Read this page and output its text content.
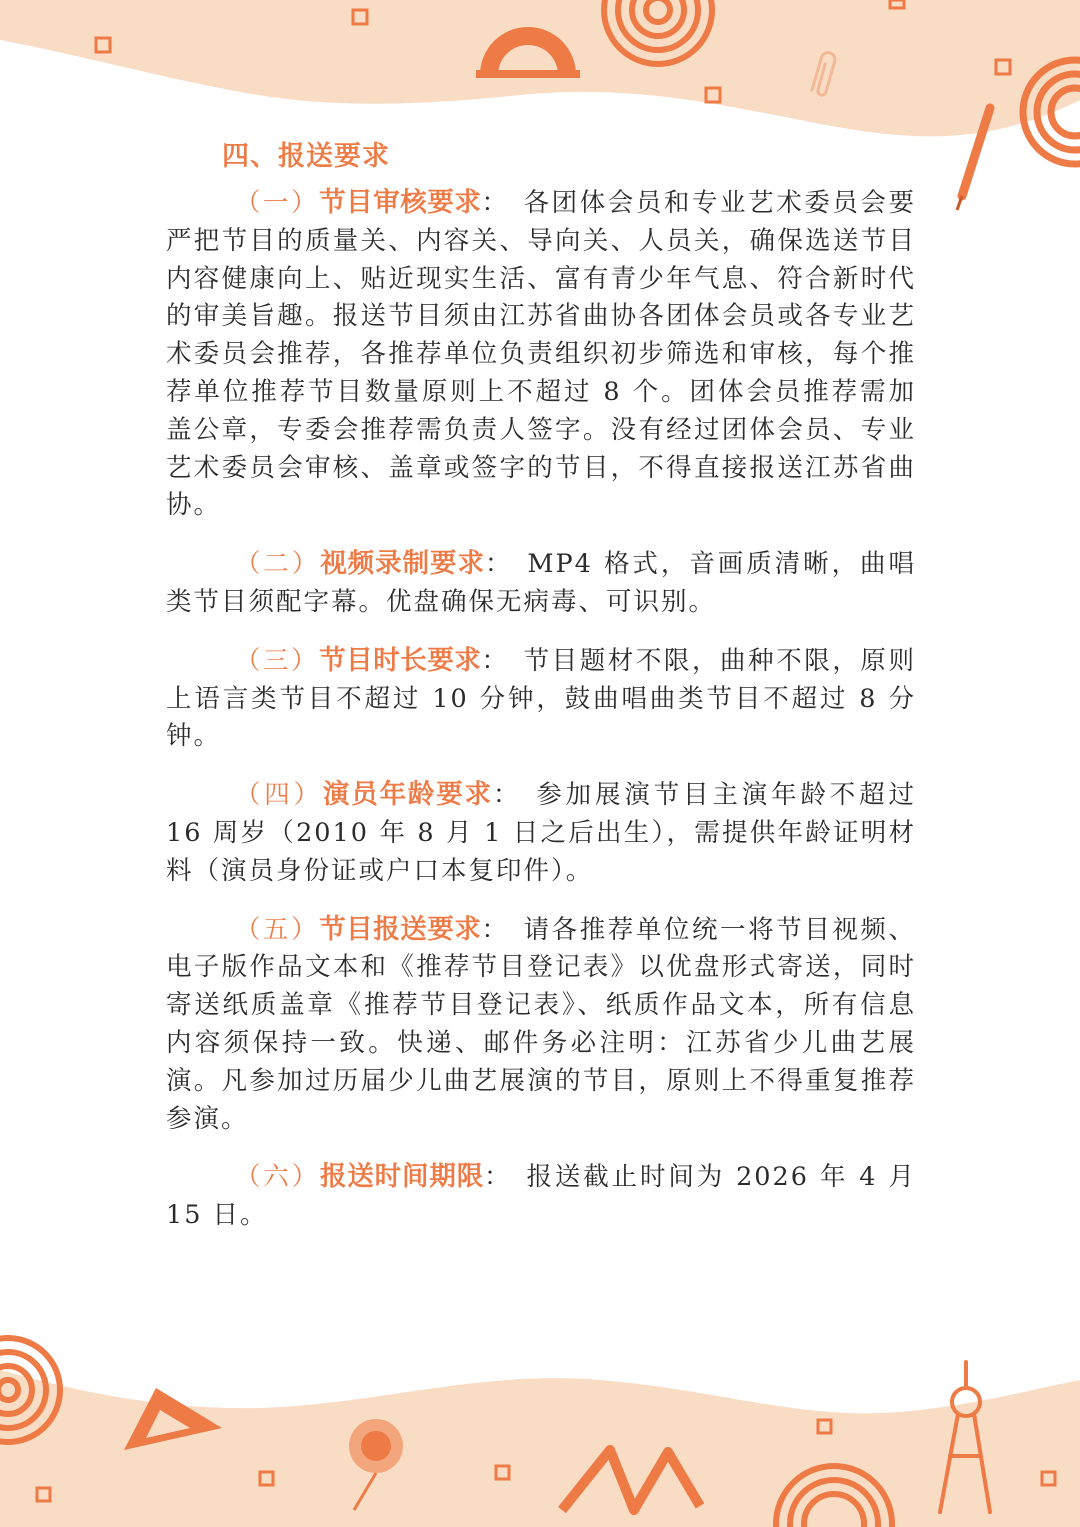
四、报送要求

（一）节目审核要求： 各团体会员和专业艺术委员会要严把节目的质量关、内容关、导向关、人员关，确保选送节目内容健康向上、贴近现实生活、富有青少年气息、符合新时代的审美旨趣。报送节目须由江苏省曲协各团体会员或各专业艺术委员会推荐，各推荐单位负责组织初步筛选和审核，每个推荐单位推荐节目数量原则上不超过 8 个。团体会员推荐需加盖公章，专委会推荐需负责人签字。没有经过团体会员、专业艺术委员会审核、盖章或签字的节目，不得直接报送江苏省曲协。

（二）视频录制要求： MP4 格式，音画质清晰，曲唱类节目须配字幕。优盘确保无病毒、可识别。

（三）节目时长要求： 节目题材不限，曲种不限，原则上语言类节目不超过 10 分钟，鼓曲唱曲类节目不超过 8 分钟。

（四）演员年龄要求： 参加展演节目主演年龄不超过 16 周岁（2010 年 8 月 1 日之后出生），需提供年龄证明材料（演员身份证或户口本复印件）。

（五）节目报送要求： 请各推荐单位统一将节目视频、电子版作品文本和《推荐节目登记表》以优盘形式寄送，同时寄送纸质盖章《推荐节目登记表》、纸质作品文本，所有信息内容须保持一致。快递、邮件务必注明：江苏省少儿曲艺展演。凡参加过历届少儿曲艺展演的节目，原则上不得重复推荐参演。

（六）报送时间期限： 报送截止时间为 2026 年 4 月 15 日。
